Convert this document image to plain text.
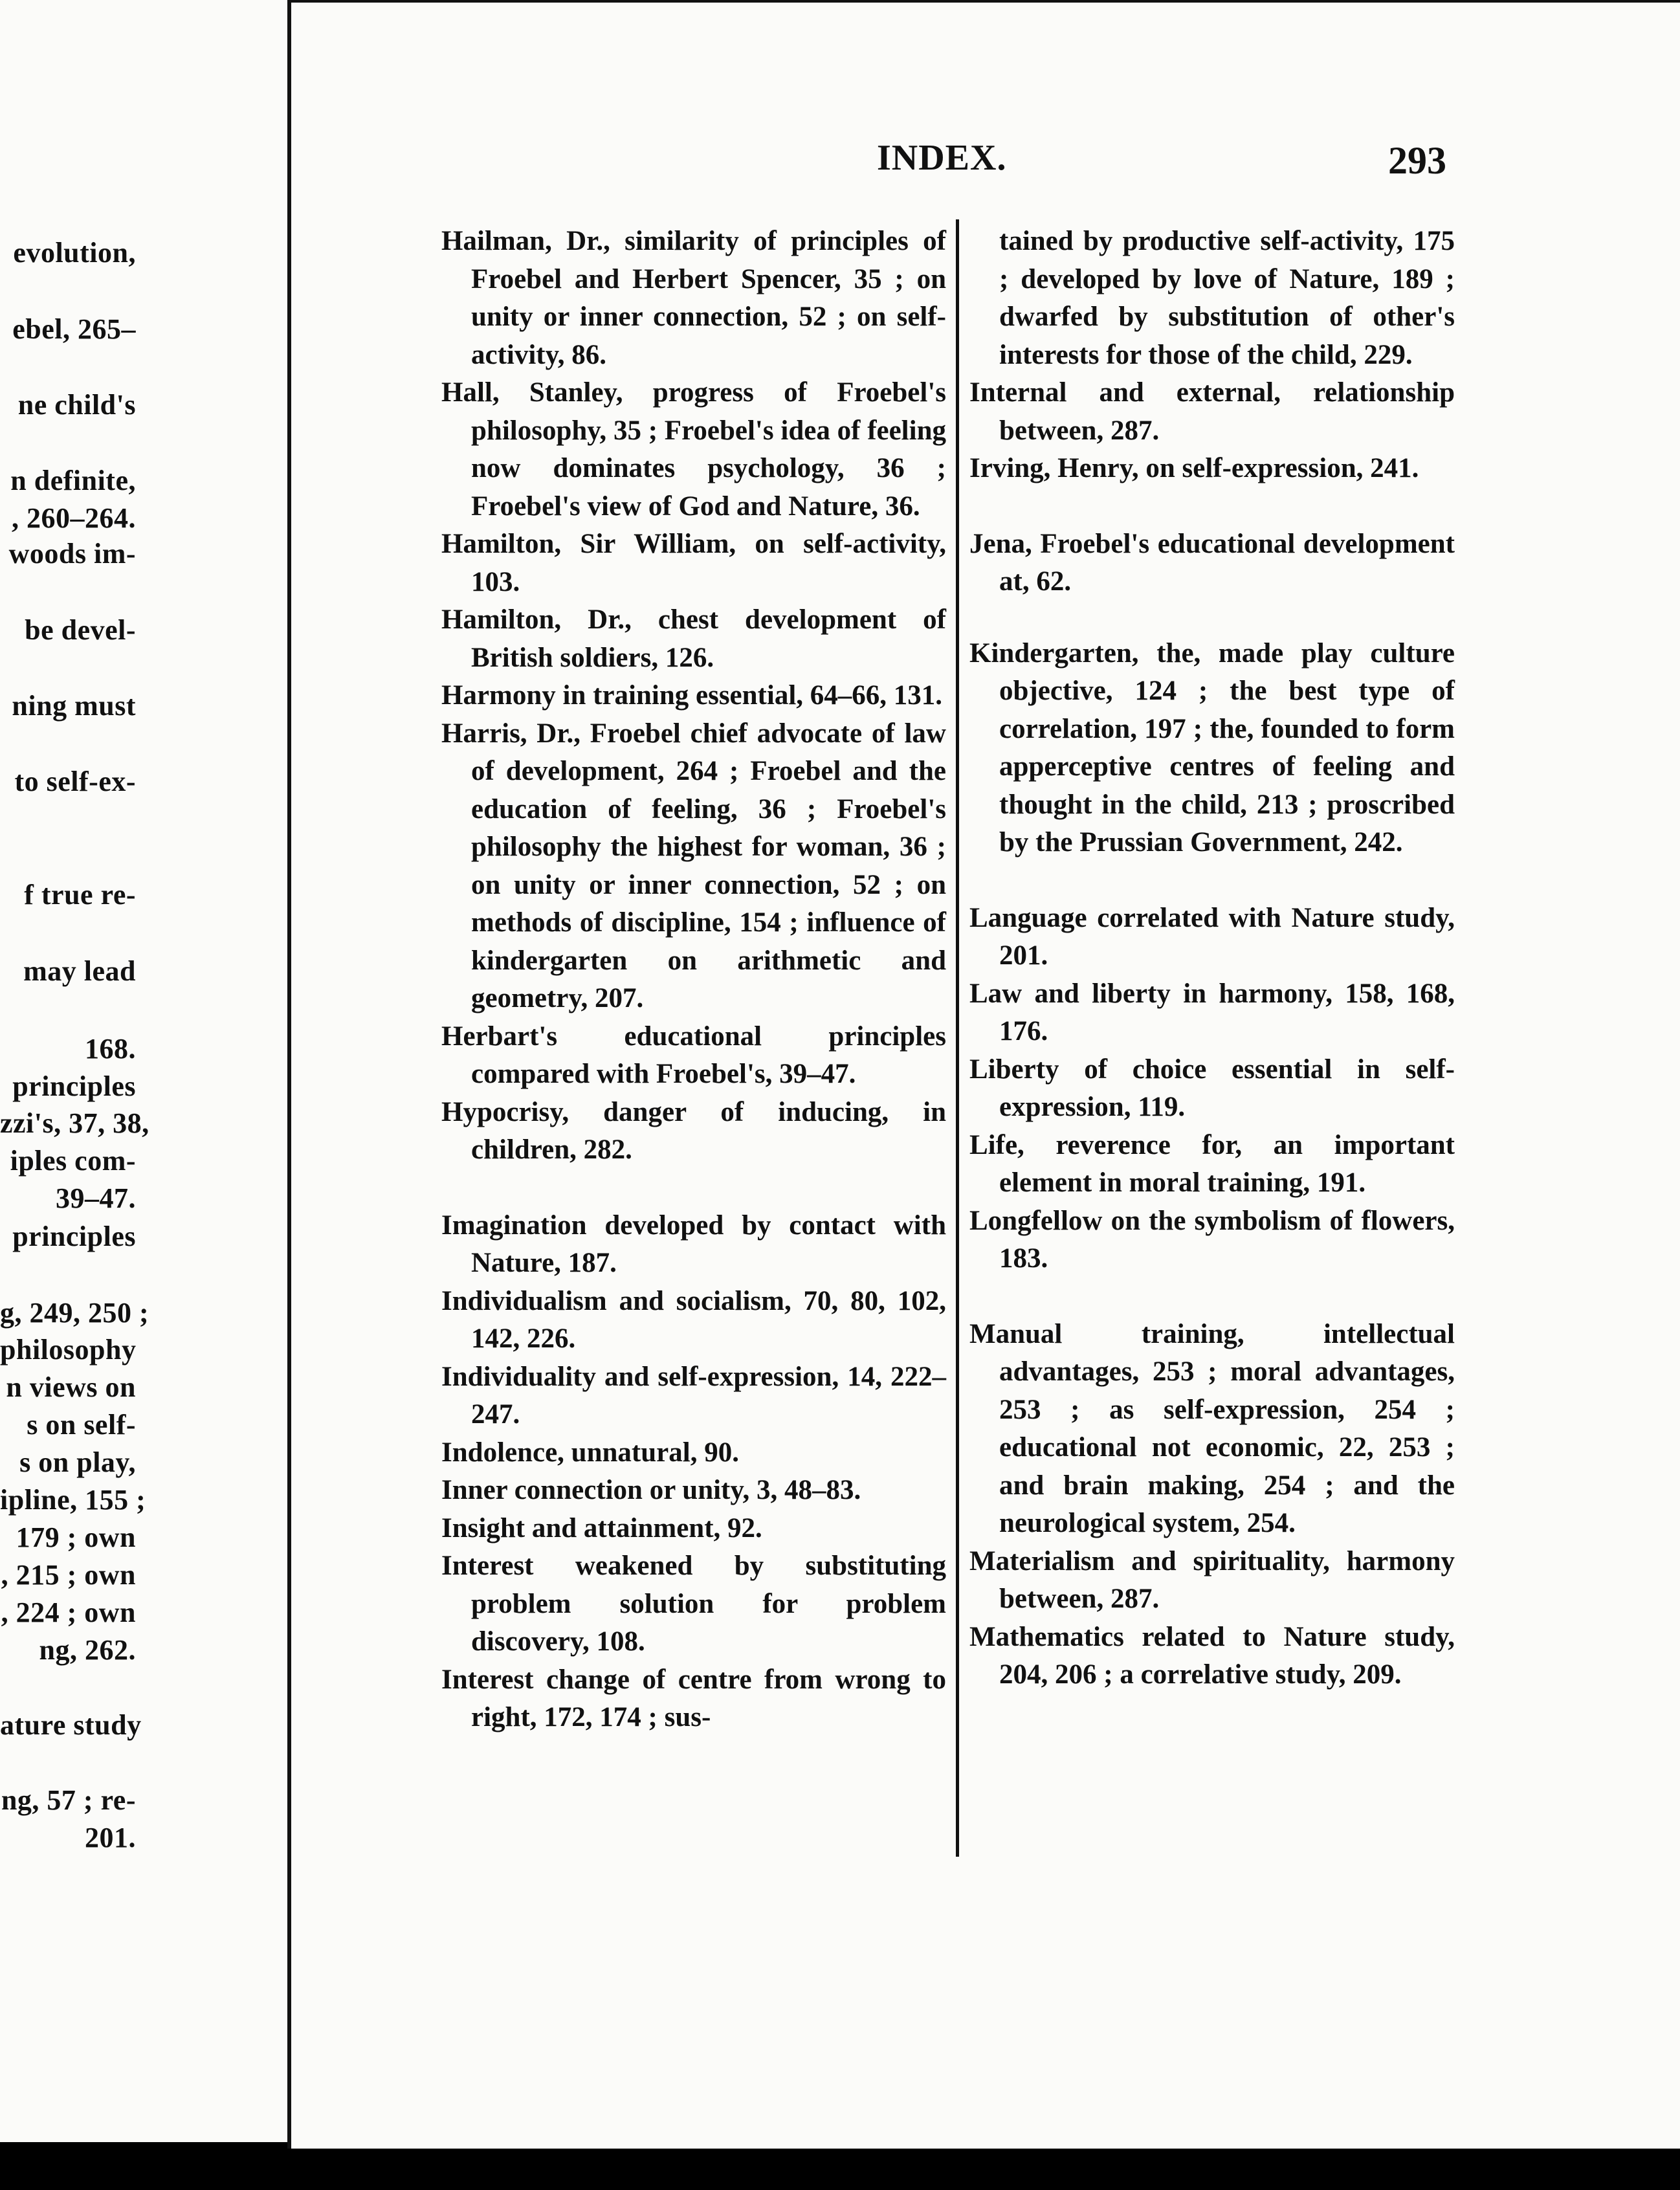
evolution,
ebel, 265–
ne child's
n definite,
, 260–264.
woods im-
be devel-
ning must
to self-ex-
f true re-
may lead
168.
principles
zzi's, 37, 38,
iples com-
39–47.
principles
g, 249, 250 ;
philosophy
n views on
s on self-
s on play,
ipline, 155 ;
179 ; own
, 215 ; own
, 224 ; own
ng, 262.
ature study
ng, 57 ; re-
201.
INDEX.	293
Hailman, Dr., similarity of principles of Froebel and Herbert Spencer, 35 ; on unity or inner connection, 52 ; on self-activity, 86.
Hall, Stanley, progress of Froebel's philosophy, 35 ; Froebel's idea of feeling now dominates psychology, 36 ; Froebel's view of God and Nature, 36.
Hamilton, Sir William, on self-activity, 103.
Hamilton, Dr., chest development of British soldiers, 126.
Harmony in training essential, 64–66, 131.
Harris, Dr., Froebel chief advocate of law of development, 264 ; Froebel and the education of feeling, 36 ; Froebel's philosophy the highest for woman, 36 ; on unity or inner connection, 52 ; on methods of discipline, 154 ; influence of kindergarten on arithmetic and geometry, 207.
Herbart's educational principles compared with Froebel's, 39–47.
Hypocrisy, danger of inducing, in children, 282.
Imagination developed by contact with Nature, 187.
Individualism and socialism, 70, 80, 102, 142, 226.
Individuality and self-expression, 14, 222–247.
Indolence, unnatural, 90.
Inner connection or unity, 3, 48–83.
Insight and attainment, 92.
Interest weakened by substituting problem solution for problem discovery, 108.
Interest change of centre from wrong to right, 172, 174 ; sus-
tained by productive self-activity, 175 ; developed by love of Nature, 189 ; dwarfed by substitution of other's interests for those of the child, 229.
Internal and external, relationship between, 287.
Irving, Henry, on self-expression, 241.
Jena, Froebel's educational development at, 62.
Kindergarten, the, made play culture objective, 124 ; the best type of correlation, 197 ; the, founded to form apperceptive centres of feeling and thought in the child, 213 ; proscribed by the Prussian Government, 242.
Language correlated with Nature study, 201.
Law and liberty in harmony, 158, 168, 176.
Liberty of choice essential in self-expression, 119.
Life, reverence for, an important element in moral training, 191.
Longfellow on the symbolism of flowers, 183.
Manual training, intellectual advantages, 253 ; moral advantages, 253 ; as self-expression, 254 ; educational not economic, 22, 253 ; and brain making, 254 ; and the neurological system, 254.
Materialism and spirituality, harmony between, 287.
Mathematics related to Nature study, 204, 206 ; a correlative study, 209.
